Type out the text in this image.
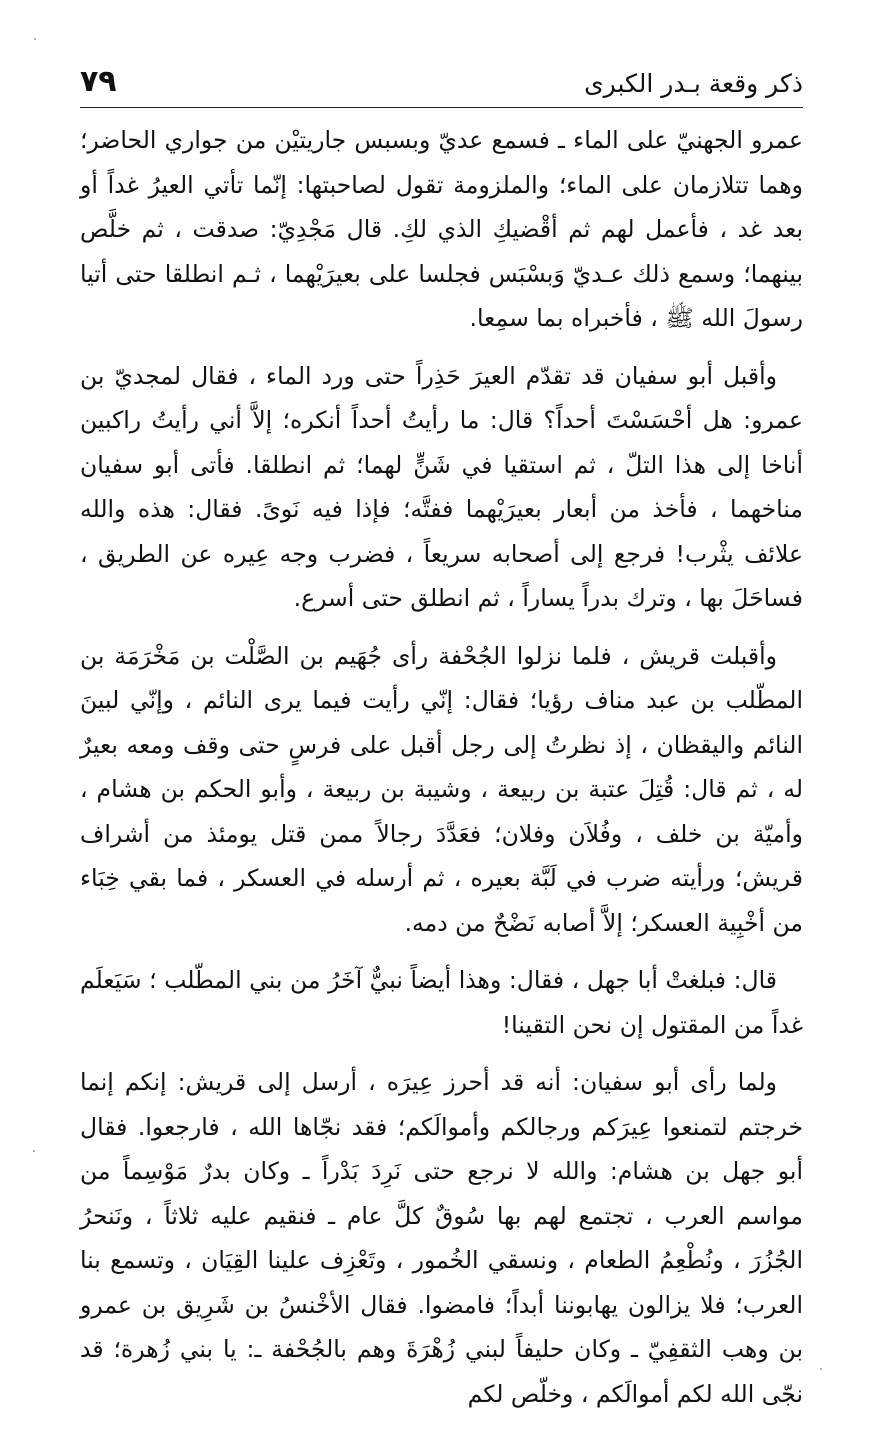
ذكر وقعة بـدر الكبرى
٧٩

عمرو الجهنيّ على الماء ـ فسمع عديّ وبسبس جاريتيْن من جواري الحاضر؛ وهما تتلازمان على الماء؛ والملزومة تقول لصاحبتها: إنّما تأتي العيرُ غداً أو بعد غد ، فأعمل لهم ثم أقْضيكِ الذي لكِ. قال مَجْدِيّ: صدقت ، ثم خلَّص بينهما؛ وسمع ذلك عـديّ وَبسْبَس فجلسا على بعيرَيْهما ، ثـم انطلقا حتى أتيا رسولَ الله ﷺ ، فأخبراه بما سمِعا.

وأقبل أبو سفيان قد تقدّم العيرَ حَذِراً حتى ورد الماء ، فقال لمجديّ بن عمرو: هل أحْسَسْتَ أحداً؟ قال: ما رأيتُ أحداً أنكره؛ إلاَّ أني رأيتُ راكبين أناخا إلى هذا التلّ ، ثم استقيا في شَنٍّ لهما؛ ثم انطلقا. فأتى أبو سفيان مناخهما ، فأخذ من أبعار بعيرَيْهما ففتَّه؛ فإذا فيه نَوىً. فقال: هذه والله علائف يثْرب! فرجع إلى أصحابه سريعاً ، فضرب وجه عِيره عن الطريق ، فساحَلَ بها ، وترك بدراً يساراً ، ثم انطلق حتى أسرع.

وأقبلت قريش ، فلما نزلوا الجُحْفة رأى جُهَيم بن الصَّلْت بن مَخْرَمَة بن المطّلب بن عبد مناف رؤيا؛ فقال: إنّي رأيت فيما يرى النائم ، وإنّي لبينَ النائم واليقظان ، إذ نظرتُ إلى رجل أقبل على فرسٍ حتى وقف ومعه بعيرٌ له ، ثم قال: قُتِلَ عتبة بن ربيعة ، وشيبة بن ربيعة ، وأبو الحكم بن هشام ، وأميّة بن خلف ، وفُلاَن وفلان؛ فعَدَّدَ رجالاً ممن قتل يومئذ من أشراف قريش؛ ورأيته ضرب في لَبَّة بعيره ، ثم أرسله في العسكر ، فما بقي خِبَاء من أخْبِية العسكر؛ إلاَّ أصابه نَضْحٌ من دمه.

قال: فبلغتْ أبا جهل ، فقال: وهذا أيضاً نبيٌّ آخَرُ من بني المطّلب ؛ سَيَعلَم غداً من المقتول إن نحن التقينا!

ولما رأى أبو سفيان: أنه قد أحرز عِيرَه ، أرسل إلى قريش: إنكم إنما خرجتم لتمنعوا عِيرَكم ورجالكم وأموالَكم؛ فقد نجّاها الله ، فارجعوا. فقال أبو جهل بن هشام: والله لا نرجع حتى نَرِدَ بَدْراً ـ وكان بدرٌ مَوْسِماً من مواسم العرب ، تجتمع لهم بها سُوقٌ كلَّ عام ـ فنقيم عليه ثلاثاً ، ونَنحرُ الجُزُرَ ، ونُطْعِمُ الطعام ، ونسقي الخُمور ، وتَعْزِف علينا القِيَان ، وتسمع بنا العرب؛ فلا يزالون يهابوننا أبداً؛ فامضوا. فقال الأخْنسُ بن شَرِيق بن عمرو بن وهب الثقفِيّ ـ وكان حليفاً لبني زُهْرَةَ وهم بالجُحْفة ـ: يا بني زُهرة؛ قد نجّى الله لكم أموالَكم ، وخلّص لكم
